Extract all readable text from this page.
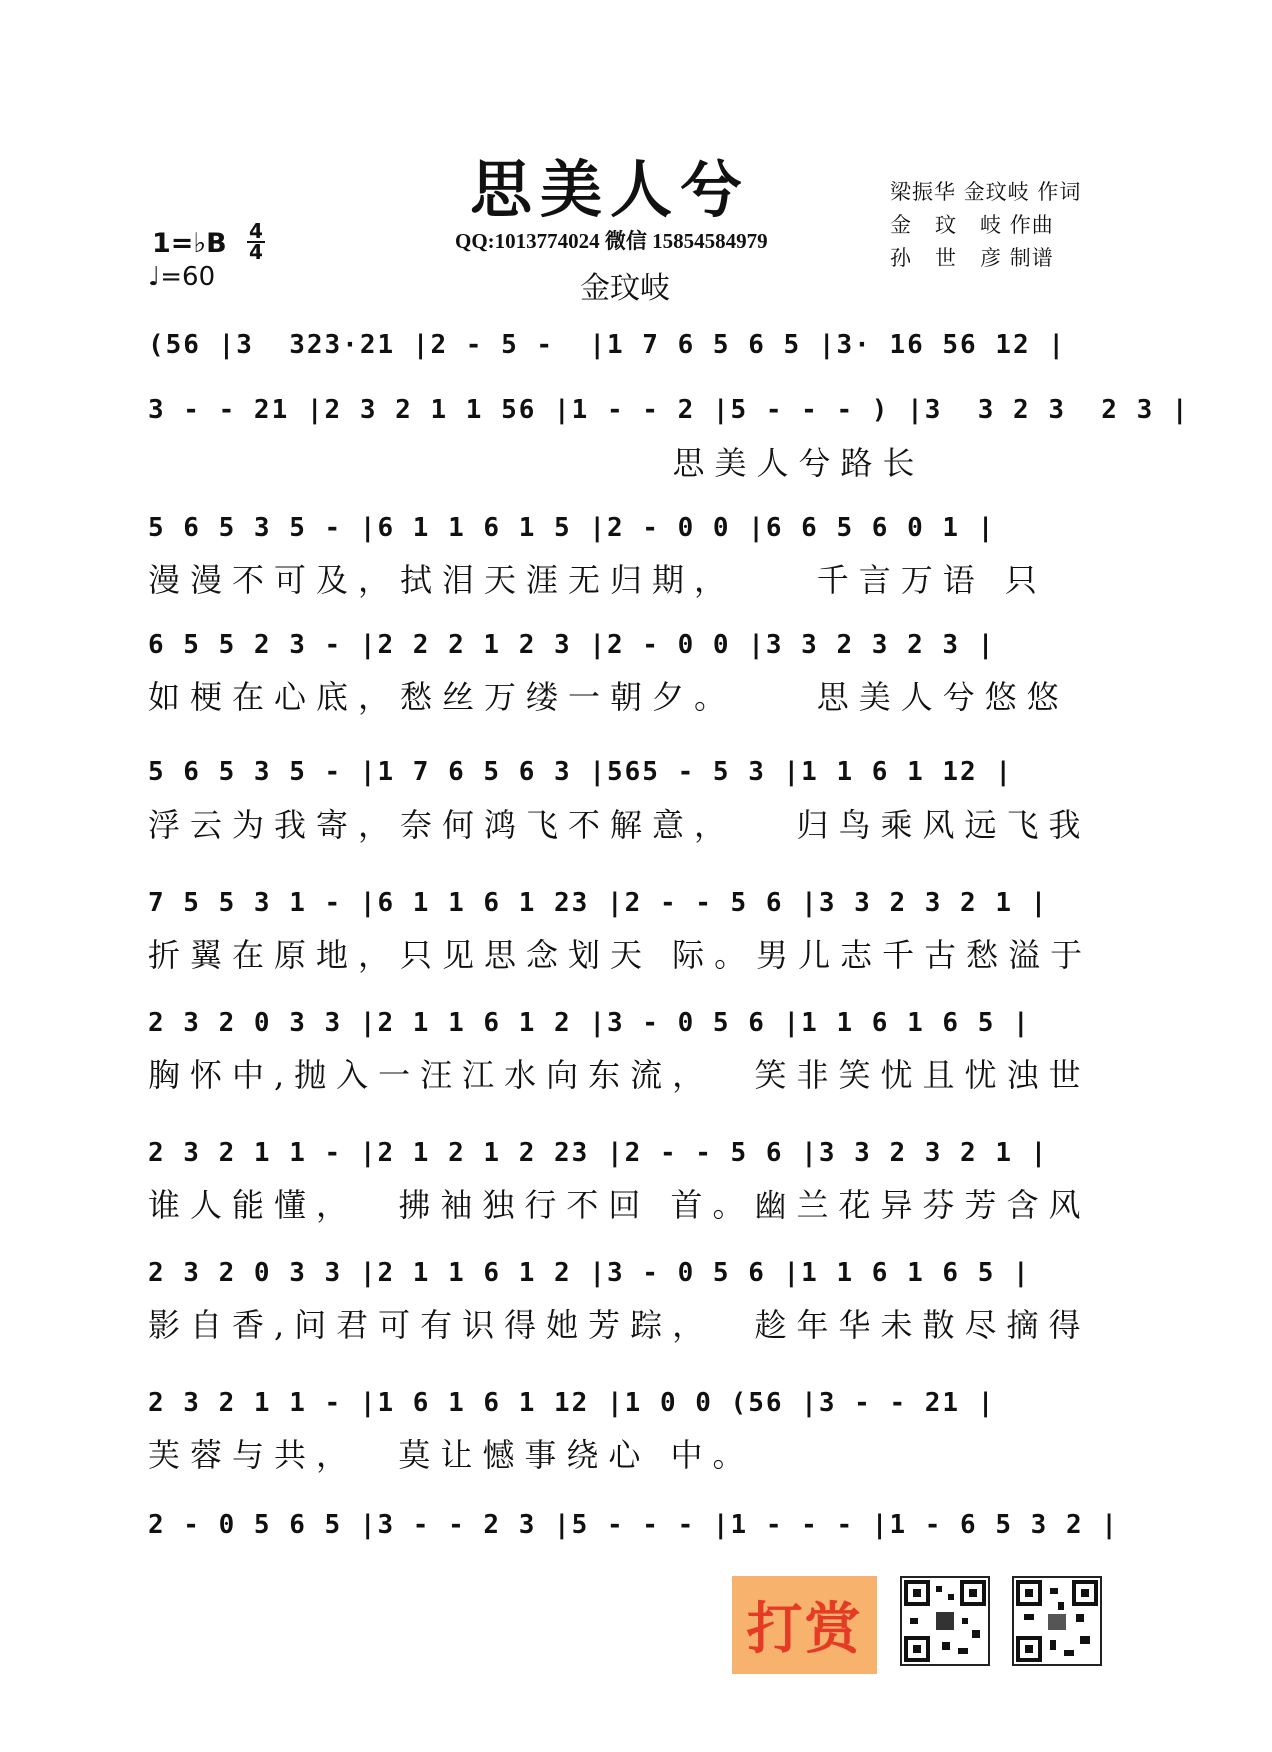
思美人兮
QQ:1013774024 微信 15854584979
金玟岐
梁振华 金玟岐 作词
金   玟   岐 作曲
孙   世   彦 制谱
1=♭B 4
4
♩=60
(56 |3  323·21 |2 - 5 -  |1 7 6 5 6 5 |3· 16 56 12 |
3 - - 21 |2 3 2 1 1 56 |1 - - 2 |5 - - - ) |3  3 2 3  2 3 |
思美人兮路长
5 6 5 3 5 - |6 1 1 6 1 5 |2 - 0 0 |6 6 5 6 0 1 |
漫漫不可及，拭泪天涯无归期，    千言万语 只
6 5 5 2 3 - |2 2 2 1 2 3 |2 - 0 0 |3 3 2 3 2 3 |
如梗在心底，愁丝万缕一朝夕。    思美人兮悠悠
5 6 5 3 5 - |1 7 6 5 6 3 |565 - 5 3 |1 1 6 1 12 |
浮云为我寄，奈何鸿飞不解意，   归鸟乘风远飞我
7 5 5 3 1 - |6 1 1 6 1 23 |2 - - 5 6 |3 3 2 3 2 1 |
折翼在原地，只见思念划天 际。男儿志千古愁溢于
2 3 2 0 3 3 |2 1 1 6 1 2 |3 - 0 5 6 |1 1 6 1 6 5 |
胸怀中,抛入一汪江水向东流，  笑非笑忧且忧浊世
2 3 2 1 1 - |2 1 2 1 2 23 |2 - - 5 6 |3 3 2 3 2 1 |
谁人能懂，  拂袖独行不回 首。幽兰花异芬芳含风
2 3 2 0 3 3 |2 1 1 6 1 2 |3 - 0 5 6 |1 1 6 1 6 5 |
影自香,问君可有识得她芳踪，  趁年华未散尽摘得
2 3 2 1 1 - |1 6 1 6 1 12 |1 0 0 (56 |3 - - 21 |
芙蓉与共，  莫让憾事绕心 中。
2 - 0 5 6 5 |3 - - 2 3 |5 - - - |1 - - - |1 - 6 5 3 2 |
打赏
